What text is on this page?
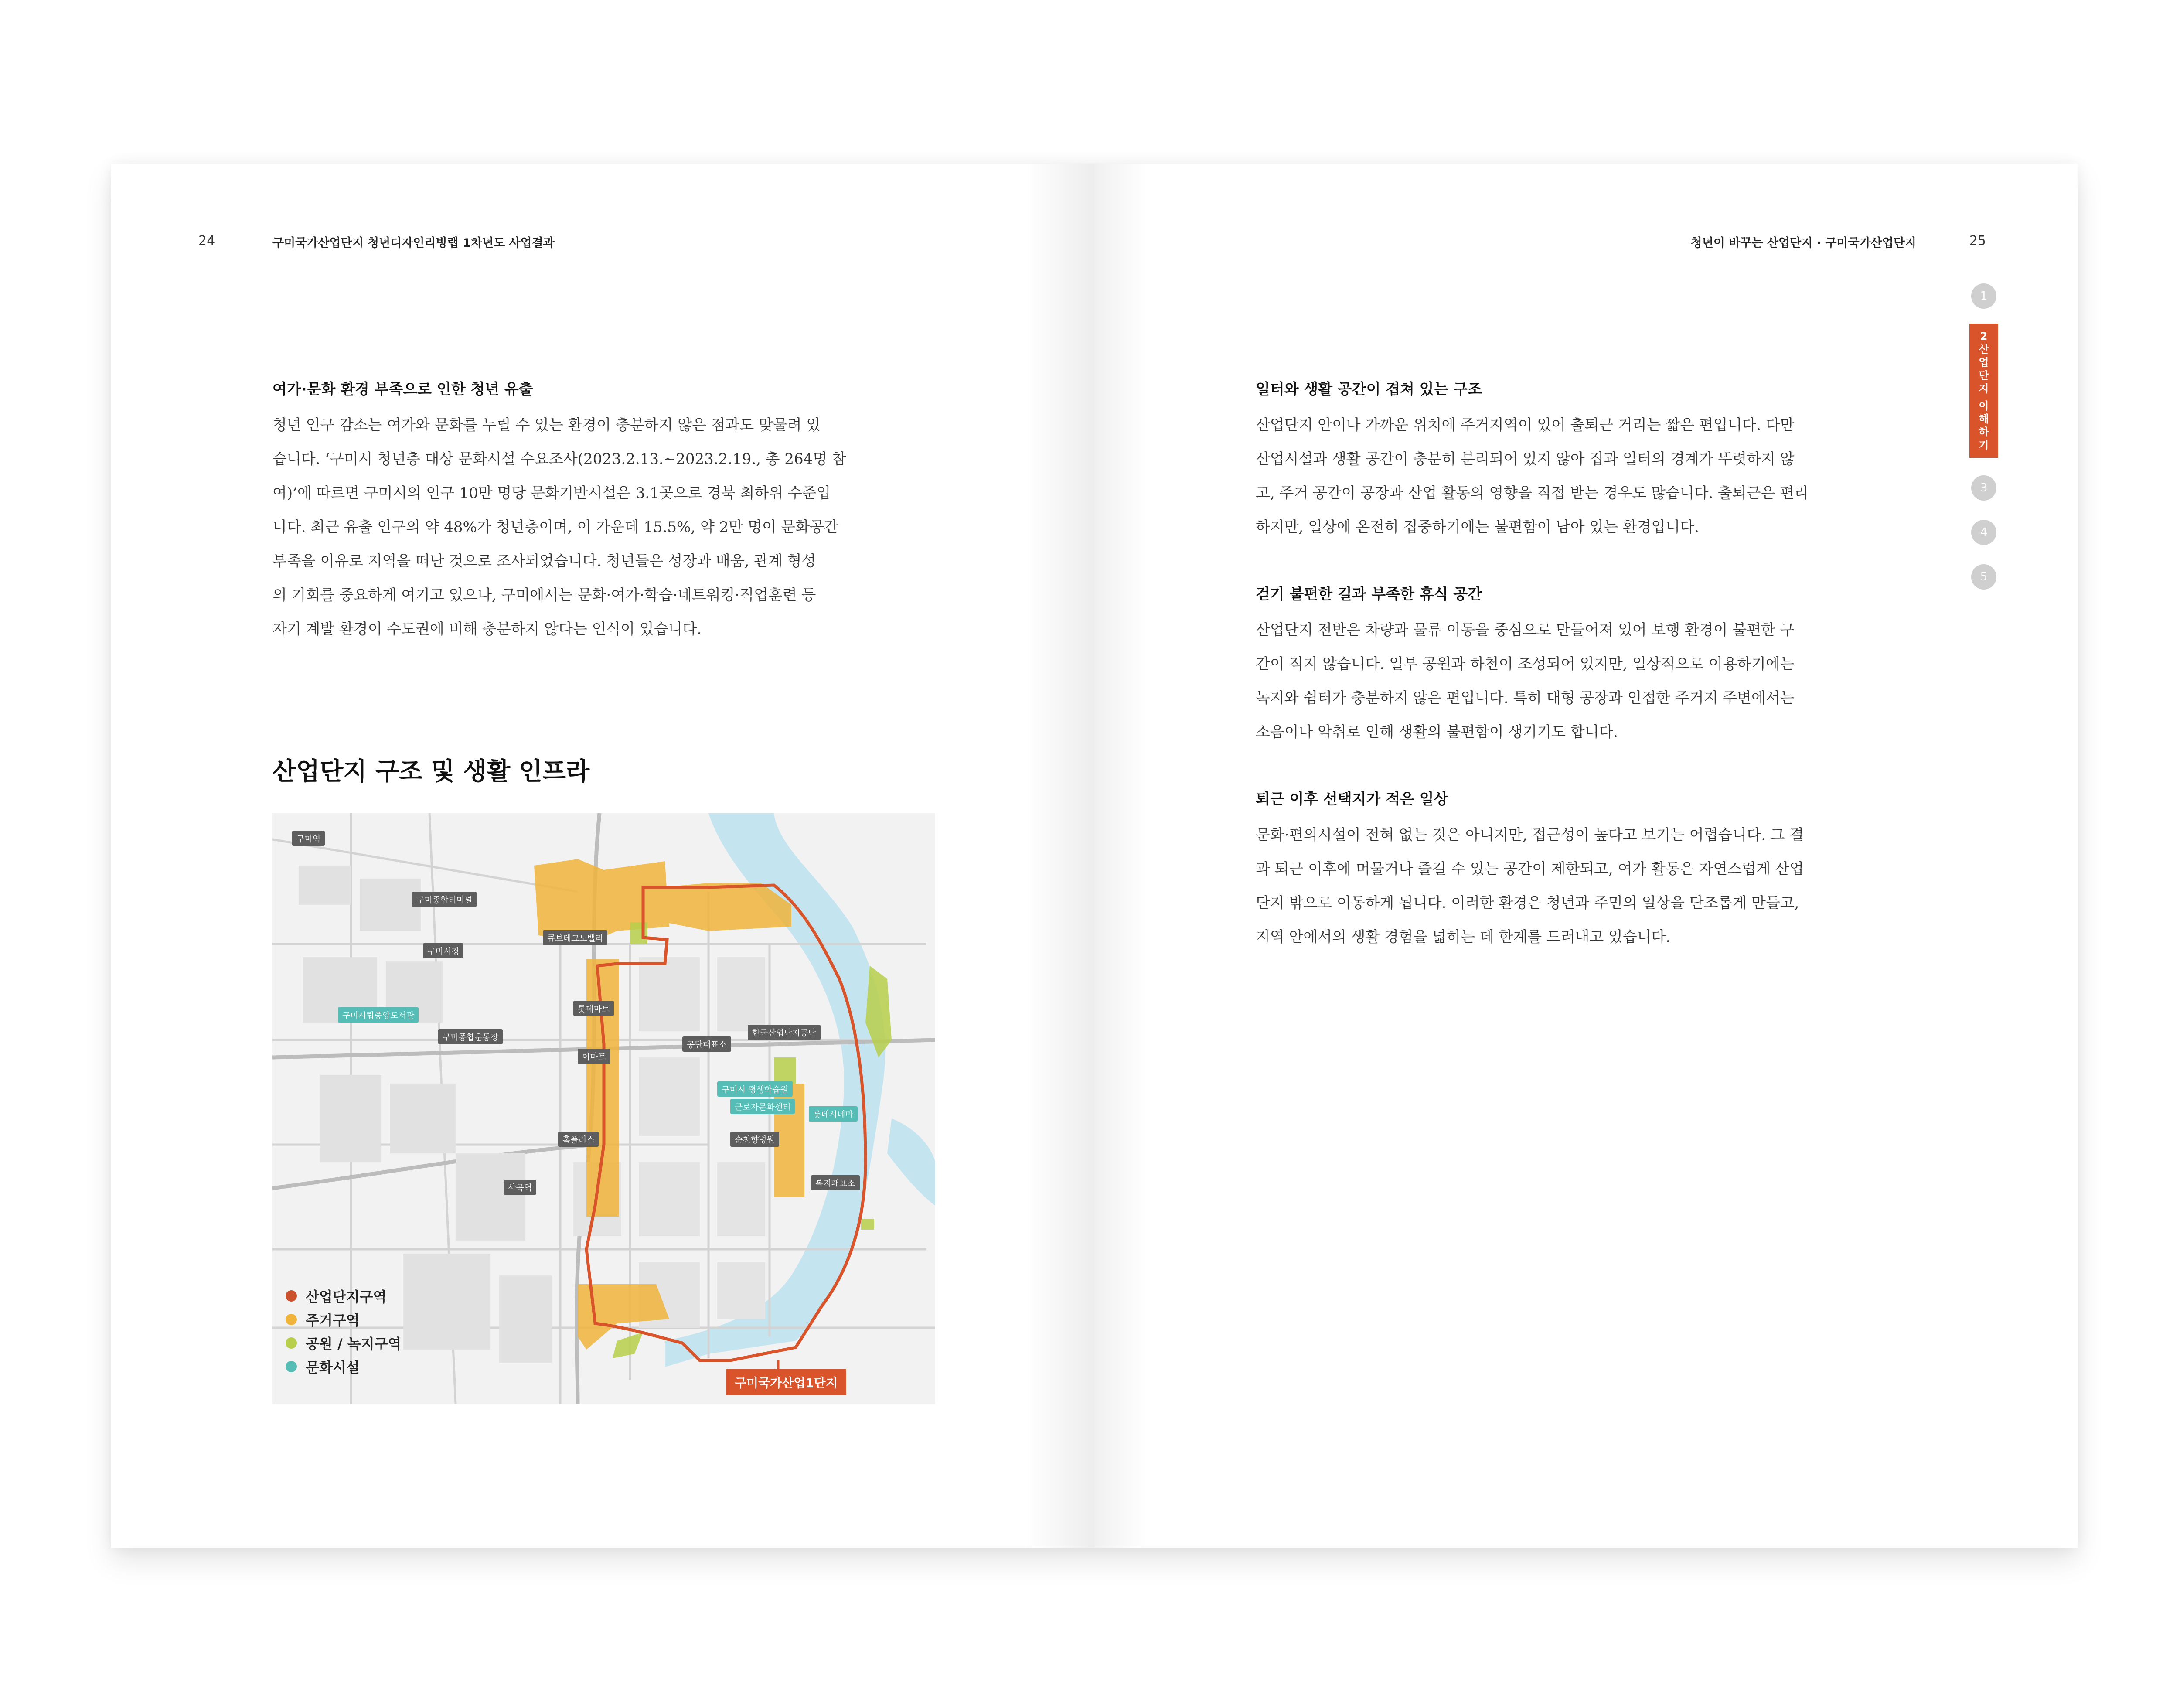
24	구미국가산업단지 청년디자인리빙랩 1차년도 사업결과
여가·문화 환경 부족으로 인한 청년 유출

청년 인구 감소는 여가와 문화를 누릴 수 있는 환경이 충분하지 않은 점과도 맞물려 있
습니다. ‘구미시 청년층 대상 문화시설 수요조사(2023.2.13.~2023.2.19., 총 264명 참
여)’에 따르면 구미시의 인구 10만 명당 문화기반시설은 3.1곳으로 경북 최하위 수준입
니다. 최근 유출 인구의 약 48%가 청년층이며, 이 가운데 15.5%, 약 2만 명이 문화공간
부족을 이유로 지역을 떠난 것으로 조사되었습니다. 청년들은 성장과 배움, 관계 형성
의 기회를 중요하게 여기고 있으나, 구미에서는 문화·여가·학습·네트워킹·직업훈련 등
자기 계발 환경이 수도권에 비해 충분하지 않다는 인식이 있습니다.

산업단지 구조 및 생활 인프라
구미역
구미종합터미널
구미시청
구미종합운동장
큐브테크노밸리
롯데마트
이마트
홈플러스
사곡역
공단패표소
한국산업단지공단
순천향병원
복지패표소
구미시립중앙도서관
구미시 평생학습원
근로자문화센터
롯데시네마
구미국가산업1단지
산업단지구역
주거구역
공원 / 녹지구역
문화시설
청년이 바꾸는 산업단지 · 구미국가산업단지	25
일터와 생활 공간이 겹쳐 있는 구조

산업단지 안이나 가까운 위치에 주거지역이 있어 출퇴근 거리는 짧은 편입니다. 다만
산업시설과 생활 공간이 충분히 분리되어 있지 않아 집과 일터의 경계가 뚜렷하지 않
고, 주거 공간이 공장과 산업 활동의 영향을 직접 받는 경우도 많습니다. 출퇴근은 편리
하지만, 일상에 온전히 집중하기에는 불편함이 남아 있는 환경입니다.

걷기 불편한 길과 부족한 휴식 공간

산업단지 전반은 차량과 물류 이동을 중심으로 만들어져 있어 보행 환경이 불편한 구
간이 적지 않습니다. 일부 공원과 하천이 조성되어 있지만, 일상적으로 이용하기에는
녹지와 쉼터가 충분하지 않은 편입니다. 특히 대형 공장과 인접한 주거지 주변에서는
소음이나 악취로 인해 생활의 불편함이 생기기도 합니다.

퇴근 이후 선택지가 적은 일상

문화·편의시설이 전혀 없는 것은 아니지만, 접근성이 높다고 보기는 어렵습니다. 그 결
과 퇴근 이후에 머물거나 즐길 수 있는 공간이 제한되고, 여가 활동은 자연스럽게 산업
단지 밖으로 이동하게 됩니다. 이러한 환경은 청년과 주민의 일상을 단조롭게 만들고,
지역 안에서의 생활 경험을 넓히는 데 한계를 드러내고 있습니다.

1
2
산
업
단
지
이
해
하
기
3
4
5
